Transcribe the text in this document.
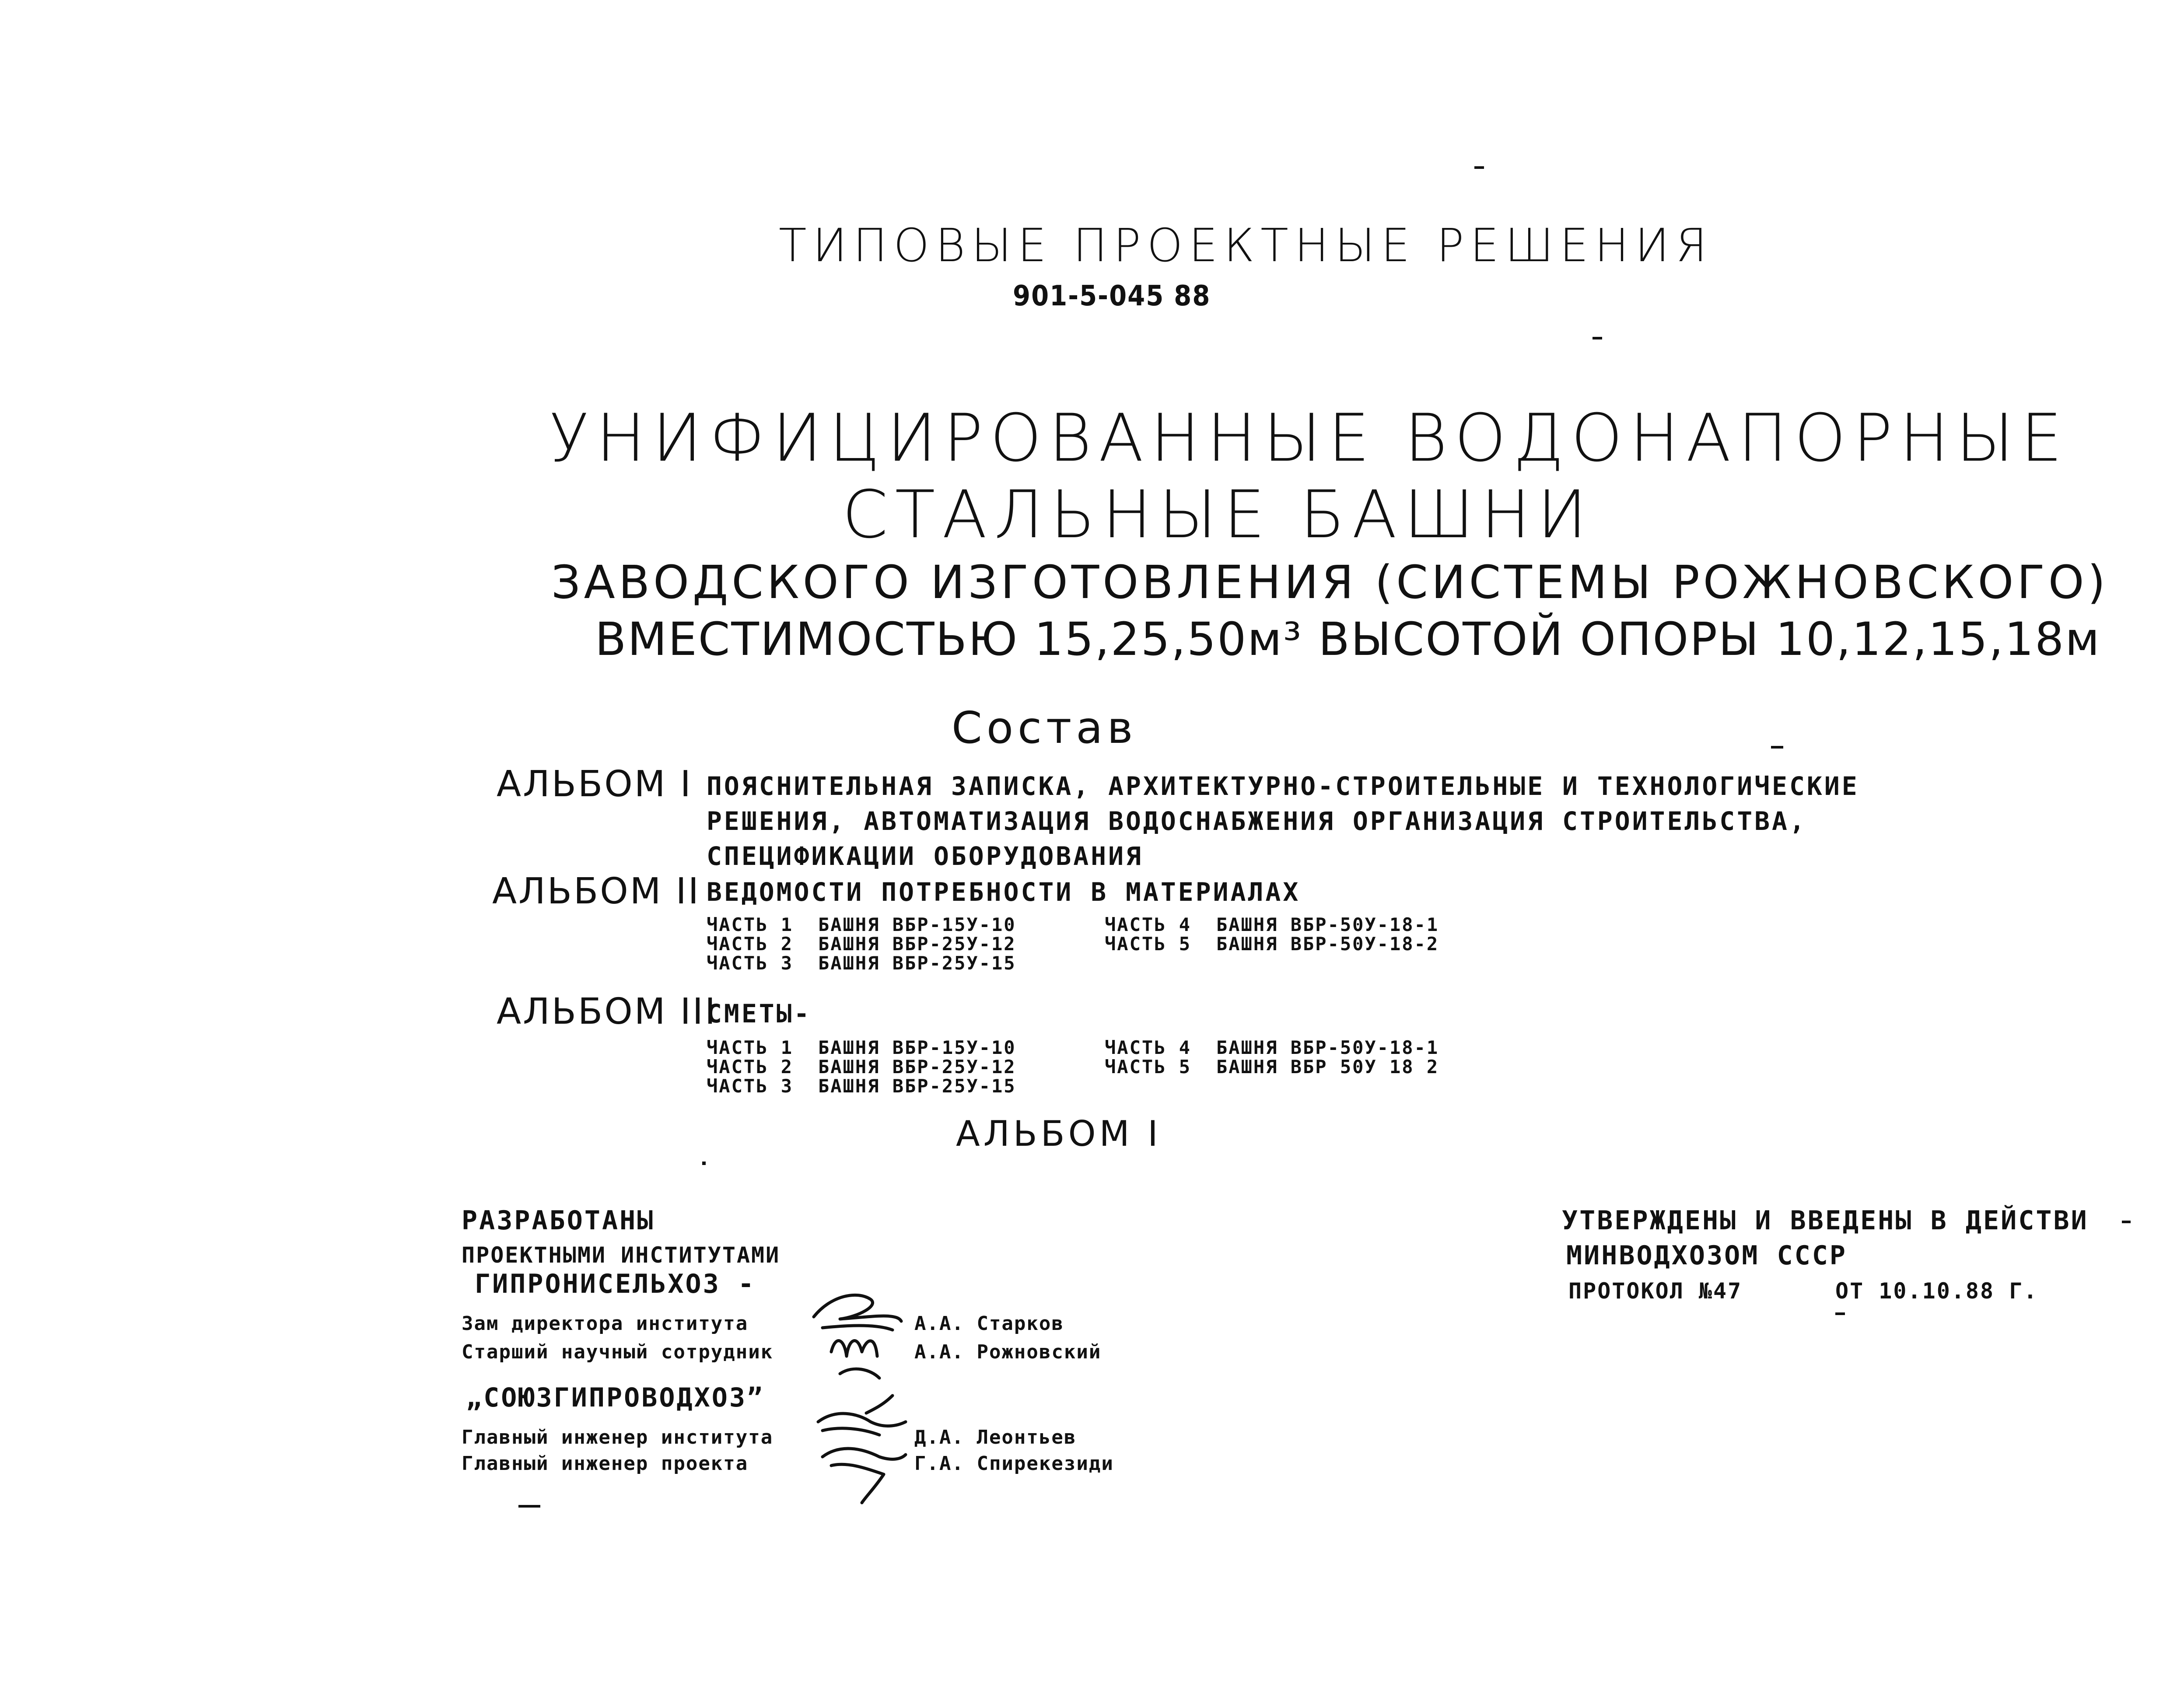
ТИПОВЫЕ ПРОЕКТНЫЕ РЕШЕНИЯ
901-5-045 88
УНИФИЦИРОВАННЫЕ ВОДОНАПОРНЫЕ
СТАЛЬНЫЕ БАШНИ
ЗАВОДСКОГО ИЗГОТОВЛЕНИЯ (СИСТЕМЫ РОЖНОВСКОГО)
ВМЕСТИМОСТЬЮ 15,25,50м³ ВЫСОТОЙ ОПОРЫ 10,12,15,18м
Состав
АЛЬБОМ I ПОЯСНИТЕЛЬНАЯ ЗАПИСКА, АРХИТЕКТУРНО-СТРОИТЕЛЬНЫЕ И ТЕХНОЛОГИЧЕСКИЕ
РЕШЕНИЯ, АВТОМАТИЗАЦИЯ ВОДОСНАБЖЕНИЯ ОРГАНИЗАЦИЯ СТРОИТЕЛЬСТВА,
СПЕЦИФИКАЦИИ ОБОРУДОВАНИЯ
АЛЬБОМ II ВЕДОМОСТИ ПОТРЕБНОСТИ В МАТЕРИАЛАХ
ЧАСТЬ 1 БАШНЯ ВБР-15У-10	ЧАСТЬ 4 БАШНЯ ВБР-50У-18-1
ЧАСТЬ 2 БАШНЯ ВБР-25У-12	ЧАСТЬ 5 БАШНЯ ВБР-50У-18-2
ЧАСТЬ 3 БАШНЯ ВБР-25У-15
АЛЬБОМ III
СМЕТЫ-
ЧАСТЬ 1 БАШНЯ ВБР-15У-10	ЧАСТЬ 4 БАШНЯ ВБР-50У-18-1
ЧАСТЬ 2 БАШНЯ ВБР-25У-12	ЧАСТЬ 5 БАШНЯ ВБР 50У 18 2
ЧАСТЬ 3 БАШНЯ ВБР-25У-15
АЛЬБОМ I
РАЗРАБОТАНЫ
ПРОЕКТНЫМИ ИНСТИТУТАМИ
ГИПРОНИСЕЛЬХОЗ -
Зам директора института	А.А. Старков
Старший научный сотрудник	А.А. Рожновский
„СОЮЗГИПРОВОДХОЗ”
Главный инженер института	Д.А. Леонтьев
Главный инженер проекта	Г.А. Спирекезиди
УТВЕРЖДЕНЫ И ВВЕДЕНЫ В ДЕЙСТВИ
МИНВОДХОЗОМ СССР
ПРОТОКОЛ №47	ОТ 10.10.88 Г.
